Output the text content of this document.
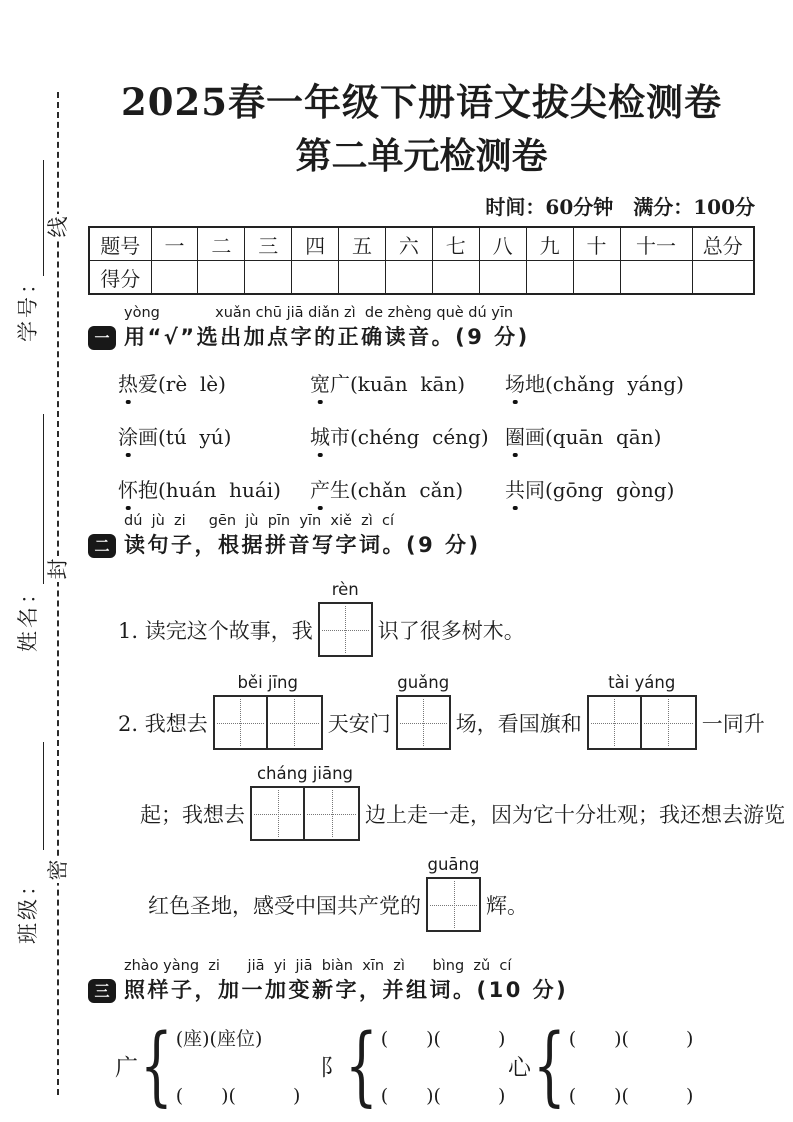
线
封
密
学号：
姓名：
班级：
2025春一年级下册语文拔尖检测卷
第二单元检测卷
时间：60分钟　满分：100分
题号	一	二	三	四	五	六	七	八	九	十	十一	总分
得分												
一
yòng            xuǎn chū jiā diǎn zì  de zhèng què dú yīn
用“√”选出加点字的正确读音。(9 分)
热爱(rè  lè)	宽广(kuān  kān)	场地(chǎng  yáng)
涂画(tú  yú)	城市(chéng  céng) 圈画(quān  qān)
怀抱(huán  huái)	产生(chǎn  cǎn)	共同(gōng  gòng)
二
dú  jù  zi     gēn  jù  pīn  yīn  xiě  zì  cí
读句子，根据拼音写字词。(9 分)
1. 读完这个故事，我
rèn
识了很多树木。
2. 我想去
běi jīng
天安门
guǎng
场，看国旗和
tài yáng
一同升
起；我想去
cháng jiāng
边上走一走，因为它十分壮观；我还想去游览
红色圣地，感受中国共产党的
guāng
辉。
三
zhào yàng  zi      jiā  yi  jiā  biàn  xīn  zì      bìng  zǔ  cí
照样子，加一加变新字，并组词。(10 分)
广 { (座)(座位)
(　　)(　　　)
阝 { (　　)(　　　)
(　　)(　　　)
心 { (　　)(　　　)
(　　)(　　　)
